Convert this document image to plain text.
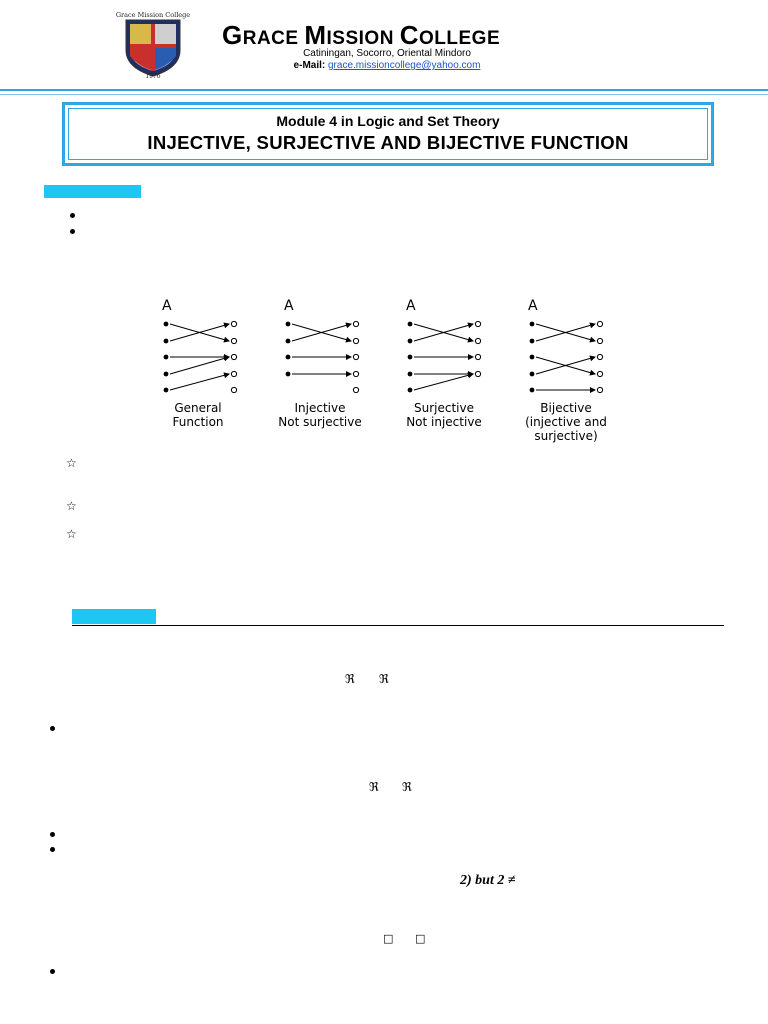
Grace Mission College
1976
GRACE MISSION COLLEGE
Catiningan, Socorro, Oriental Mindoro
e-Mail: grace.missioncollege@yahoo.com
Module 4 in Logic and Set Theory
INJECTIVE, SURJECTIVE AND BIJECTIVE FUNCTION
A	A	A	A
General
Function
Injective
Not surjective
Surjective
Not injective
Bijective
(injective and
surjective)
☆
☆
☆
ℜ ℜ
ℜ ℜ
2) but 2 ≠
□ □
